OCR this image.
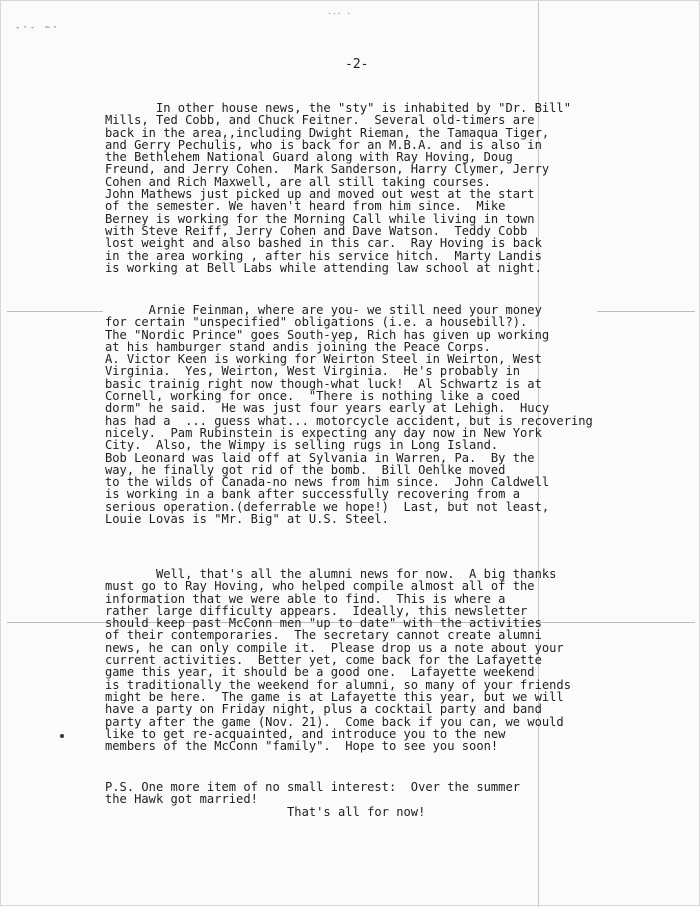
-·- ~·
·-· ·
-2-
In other house news, the "sty" is inhabited by "Dr. Bill"
Mills, Ted Cobb, and Chuck Feitner.  Several old-timers are
back in the area,,including Dwight Rieman, the Tamaqua Tiger,
and Gerry Pechulis, who is back for an M.B.A. and is also in
the Bethlehem National Guard along with Ray Hoving, Doug
Freund, and Jerry Cohen.  Mark Sanderson, Harry Clymer, Jerry
Cohen and Rich Maxwell, are all still taking courses.
John Mathews just picked up and moved out west at the start
of the semester. We haven't heard from him since.  Mike
Berney is working for the Morning Call while living in town
with Steve Reiff, Jerry Cohen and Dave Watson.  Teddy Cobb
lost weight and also bashed in this car.  Ray Hoving is back
in the area working , after his service hitch.  Marty Landis
is working at Bell Labs while attending law school at night.
Arnie Feinman, where are you- we still need your money
for certain "unspecified" obligations (i.e. a housebill?).
The "Nordic Prince" goes South-yep, Rich has given up working
at his hamburger stand andis joining the Peace Corps.
A. Victor Keen is working for Weirton Steel in Weirton, West
Virginia.  Yes, Weirton, West Virginia.  He's probably in
basic trainig right now though-what luck!  Al Schwartz is at
Cornell, working for once.  "There is nothing like a coed
dorm" he said.  He was just four years early at Lehigh.  Hucy
has had a  ... guess what... motorcycle accident, but is recovering
nicely.  Pam Rubinstein is expecting any day now in New York
City.  Also, the Wimpy is selling rugs in Long Island.
Bob Leonard was laid off at Sylvania in Warren, Pa.  By the
way, he finally got rid of the bomb.  Bill Oehlke moved
to the wilds of Canada-no news from him since.  John Caldwell
is working in a bank after successfully recovering from a
serious operation.(deferrable we hope!)  Last, but not least,
Louie Lovas is "Mr. Big" at U.S. Steel.
Well, that's all the alumni news for now.  A big thanks
must go to Ray Hoving, who helped compile almost all of the
information that we were able to find.  This is where a
rather large difficulty appears.  Ideally, this newsletter
should keep past McConn men "up to date" with the activities
of their contemporaries.  The secretary cannot create alumni
news, he can only compile it.  Please drop us a note about your
current activities.  Better yet, come back for the Lafayette
game this year, it should be a good one.  Lafayette weekend
is traditionally the weekend for alumni, so many of your friends
might be here.  The game is at Lafayette this year, but we will
have a party on Friday night, plus a cocktail party and band
party after the game (Nov. 21).  Come back if you can, we would
like to get re-acquainted, and introduce you to the new
members of the McConn "family".  Hope to see you soon!
P.S. One more item of no small interest:  Over the summer
the Hawk got married!
That's all for now!
